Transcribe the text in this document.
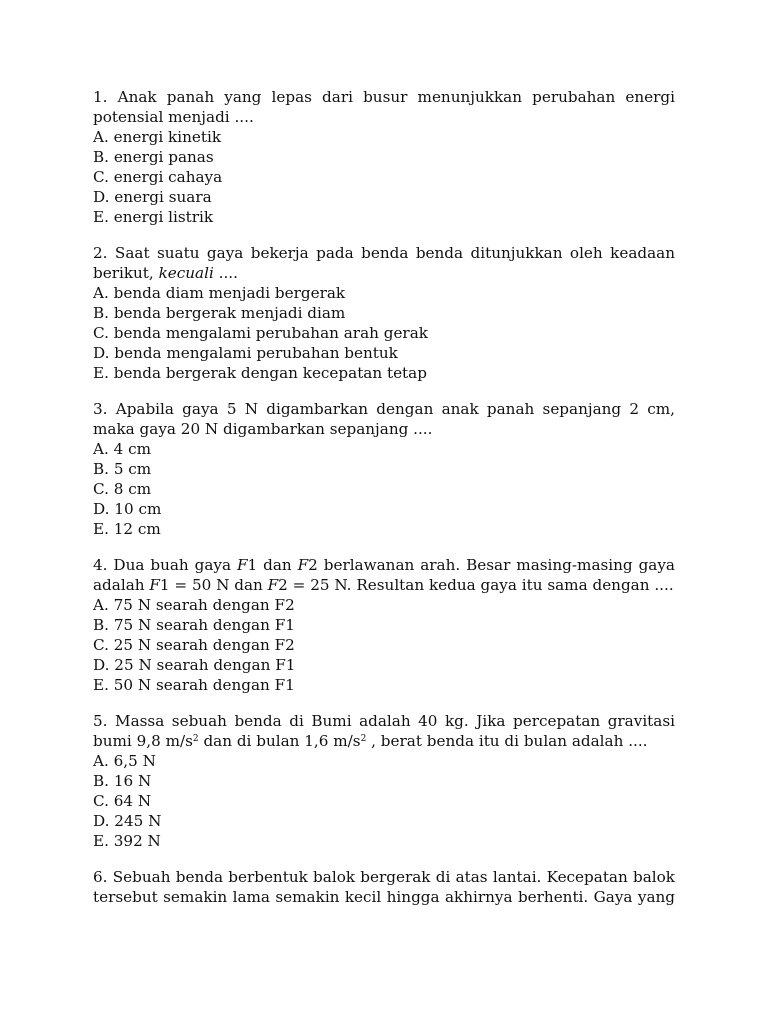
1. Anak panah yang lepas dari busur menunjukkan perubahan energi potensial menjadi ....

A. energi kinetik
B. energi panas
C. energi cahaya
D. energi suara
E. energi listrik

2. Saat suatu gaya bekerja pada benda benda ditunjukkan oleh keadaan berikut, kecuali ....

A. benda diam menjadi bergerak
B. benda bergerak menjadi diam
C. benda mengalami perubahan arah gerak
D. benda mengalami perubahan bentuk
E. benda bergerak dengan kecepatan tetap

3. Apabila gaya 5 N digambarkan dengan anak panah sepanjang 2 cm, maka gaya 20 N digambarkan sepanjang ....

A. 4 cm
B. 5 cm
C. 8 cm
D. 10 cm
E. 12 cm

4. Dua buah gaya F1 dan F2 berlawanan arah. Besar masing-masing gaya adalah F1 = 50 N dan F2 = 25 N. Resultan kedua gaya itu sama dengan ....

A. 75 N searah dengan F2
B. 75 N searah dengan F1
C. 25 N searah dengan F2
D. 25 N searah dengan F1
E. 50 N searah dengan F1

5. Massa sebuah benda di Bumi adalah 40 kg. Jika percepatan gravitasi bumi 9,8 $m/s^2$ dan di bulan 1,6 $m/s^2$ , berat benda itu di bulan adalah ....

A. 6,5 N
B. 16 N
C. 64 N
D. 245 N
E. 392 N

6. Sebuah benda berbentuk balok bergerak di atas lantai. Kecepatan balok tersebut semakin lama semakin kecil hingga akhirnya berhenti. Gaya yang
